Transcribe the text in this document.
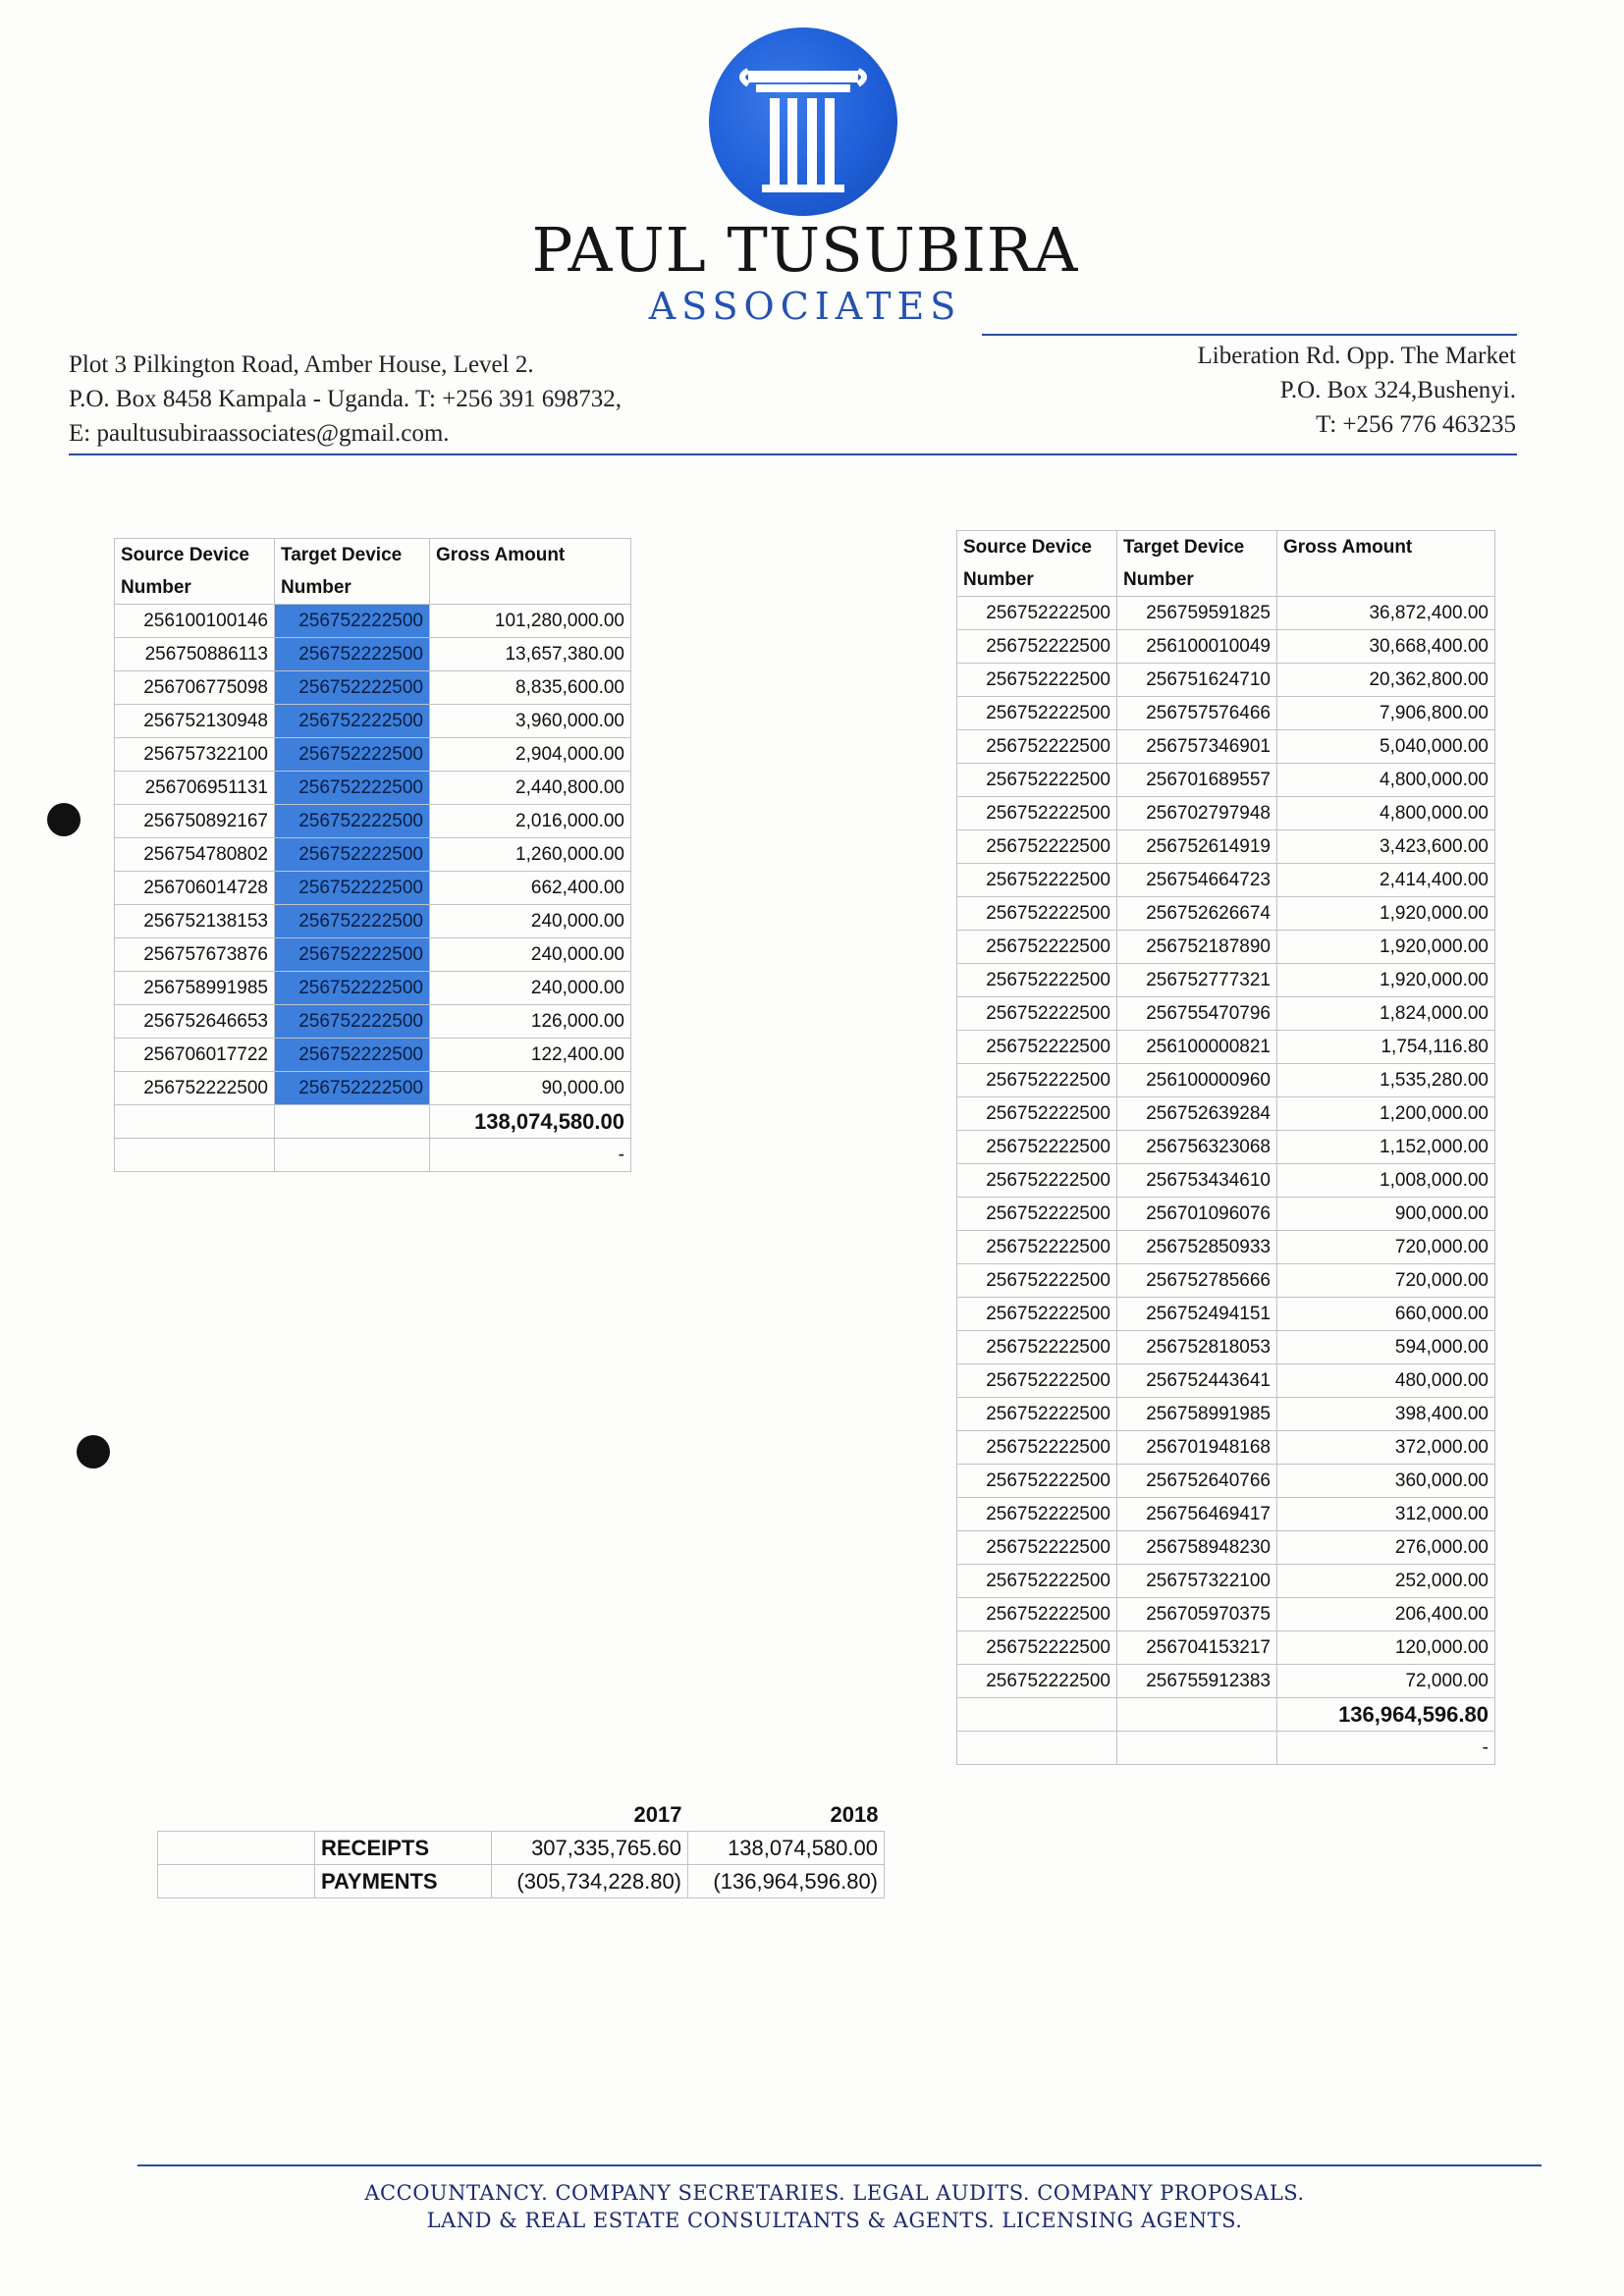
PAUL TUSUBIRA
ASSOCIATES
Plot 3 Pilkington Road, Amber House, Level 2.
P.O. Box 8458 Kampala - Uganda. T: +256 391 698732,
E: paultusubiraassociates@gmail.com.
Liberation Rd. Opp. The Market
P.O. Box 324,Bushenyi.
T: +256 776 463235
Source Device	Target Device	Gross Amount
Number	Number	
256100100146	256752222500	101,280,000.00
256750886113	256752222500	13,657,380.00
256706775098	256752222500	8,835,600.00
256752130948	256752222500	3,960,000.00
256757322100	256752222500	2,904,000.00
256706951131	256752222500	2,440,800.00
256750892167	256752222500	2,016,000.00
256754780802	256752222500	1,260,000.00
256706014728	256752222500	662,400.00
256752138153	256752222500	240,000.00
256757673876	256752222500	240,000.00
256758991985	256752222500	240,000.00
256752646653	256752222500	126,000.00
256706017722	256752222500	122,400.00
256752222500	256752222500	90,000.00
		138,074,580.00
		-
Source Device	Target Device	Gross Amount
Number	Number	
256752222500	256759591825	36,872,400.00
256752222500	256100010049	30,668,400.00
256752222500	256751624710	20,362,800.00
256752222500	256757576466	7,906,800.00
256752222500	256757346901	5,040,000.00
256752222500	256701689557	4,800,000.00
256752222500	256702797948	4,800,000.00
256752222500	256752614919	3,423,600.00
256752222500	256754664723	2,414,400.00
256752222500	256752626674	1,920,000.00
256752222500	256752187890	1,920,000.00
256752222500	256752777321	1,920,000.00
256752222500	256755470796	1,824,000.00
256752222500	256100000821	1,754,116.80
256752222500	256100000960	1,535,280.00
256752222500	256752639284	1,200,000.00
256752222500	256756323068	1,152,000.00
256752222500	256753434610	1,008,000.00
256752222500	256701096076	900,000.00
256752222500	256752850933	720,000.00
256752222500	256752785666	720,000.00
256752222500	256752494151	660,000.00
256752222500	256752818053	594,000.00
256752222500	256752443641	480,000.00
256752222500	256758991985	398,400.00
256752222500	256701948168	372,000.00
256752222500	256752640766	360,000.00
256752222500	256756469417	312,000.00
256752222500	256758948230	276,000.00
256752222500	256757322100	252,000.00
256752222500	256705970375	206,400.00
256752222500	256704153217	120,000.00
256752222500	256755912383	72,000.00
		136,964,596.80
		-
		2017	2018
	RECEIPTS	307,335,765.60	138,074,580.00
	PAYMENTS	(305,734,228.80)	(136,964,596.80)
ACCOUNTANCY. COMPANY SECRETARIES. LEGAL AUDITS. COMPANY PROPOSALS.
LAND & REAL ESTATE CONSULTANTS & AGENTS. LICENSING AGENTS.
